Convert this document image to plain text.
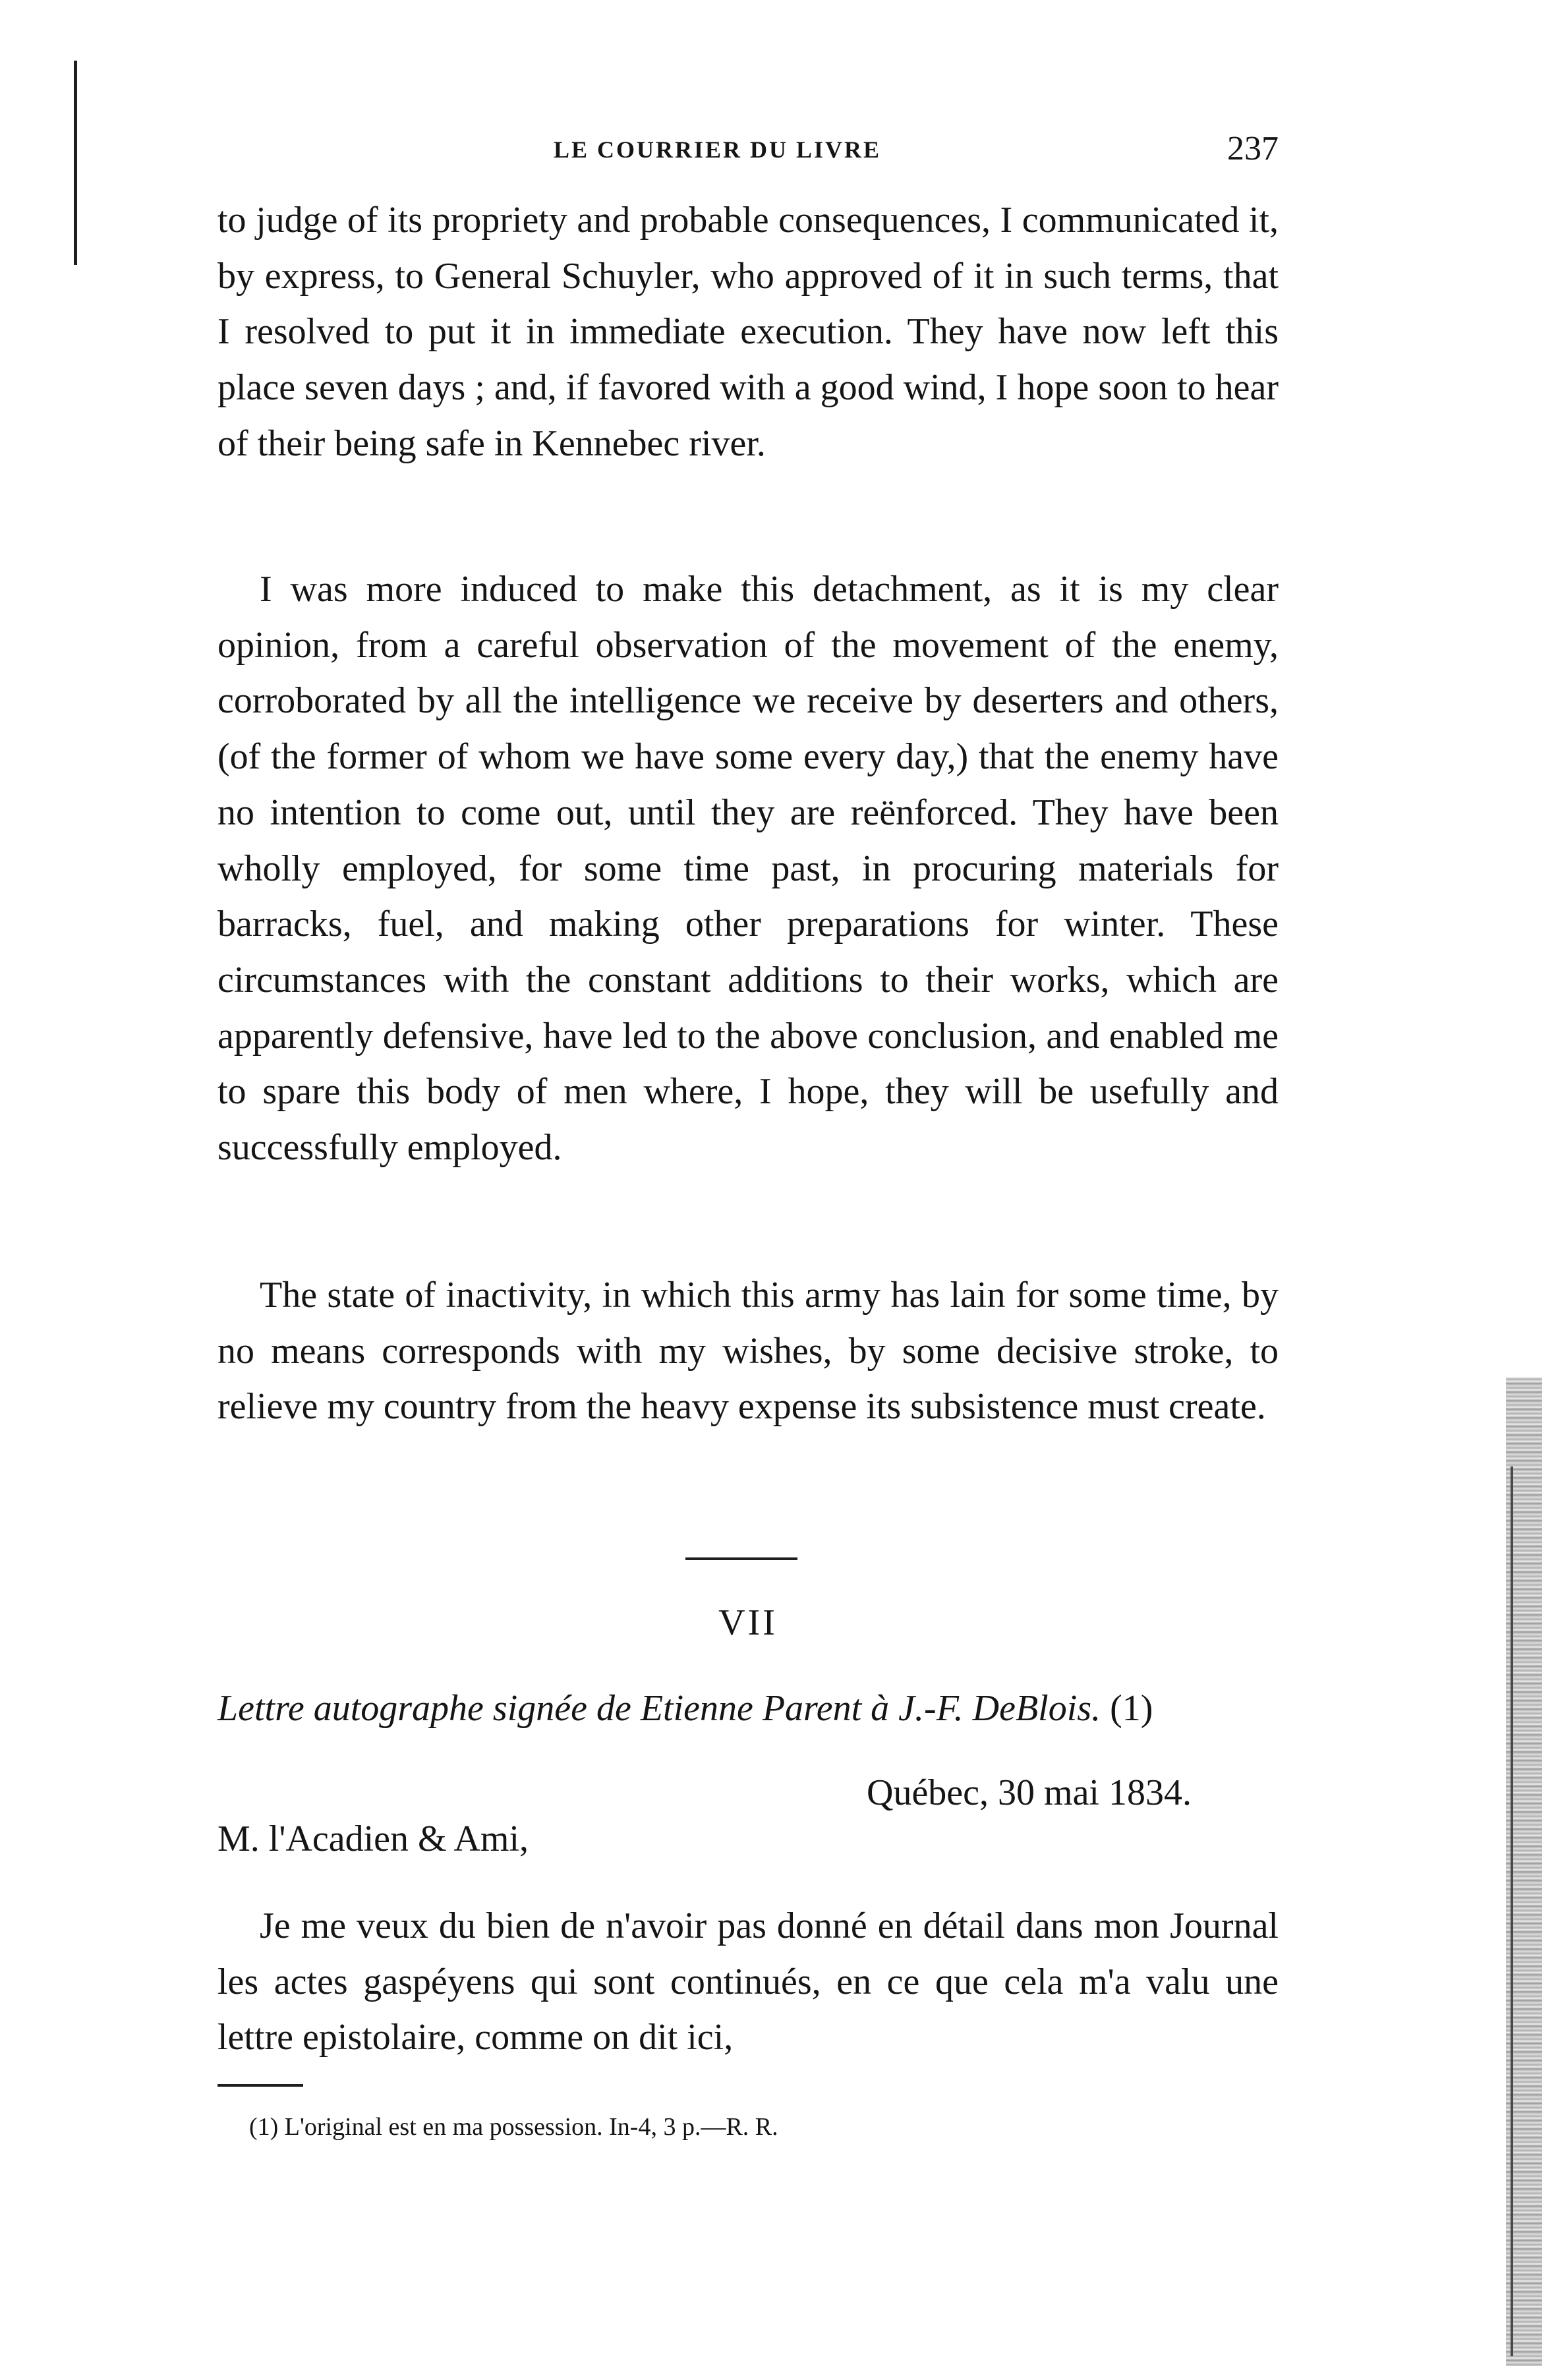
LE COURRIER DU LIVRE	237

to judge of its propriety and probable consequences, I communicated it, by express, to General Schuyler, who approved of it in such terms, that I resolved to put it in immediate execution. They have now left this place seven days ; and, if favored with a good wind, I hope soon to hear of their being safe in Kennebec river.

I was more induced to make this detachment, as it is my clear opinion, from a careful observation of the movement of the enemy, corroborated by all the intelligence we receive by deserters and others, (of the former of whom we have some every day,) that the enemy have no intention to come out, until they are reënforced. They have been wholly employed, for some time past, in procuring materials for barracks, fuel, and making other preparations for winter. These circumstances with the constant additions to their works, which are apparently defensive, have led to the above conclusion, and enabled me to spare this body of men where, I hope, they will be usefully and successfully employed.

The state of inactivity, in which this army has lain for some time, by no means corresponds with my wishes, by some decisive stroke, to relieve my country from the heavy expense its subsistence must create.

VII
Lettre autographe signée de Etienne Parent à J.-F. DeBlois. (1)
Québec, 30 mai 1834.
M. l'Acadien & Ami,

Je me veux du bien de n'avoir pas donné en détail dans mon Journal les actes gaspéyens qui sont continués, en ce que cela m'a valu une lettre epistolaire, comme on dit ici,

(1) L'original est en ma possession. In-4, 3 p.—R. R.
